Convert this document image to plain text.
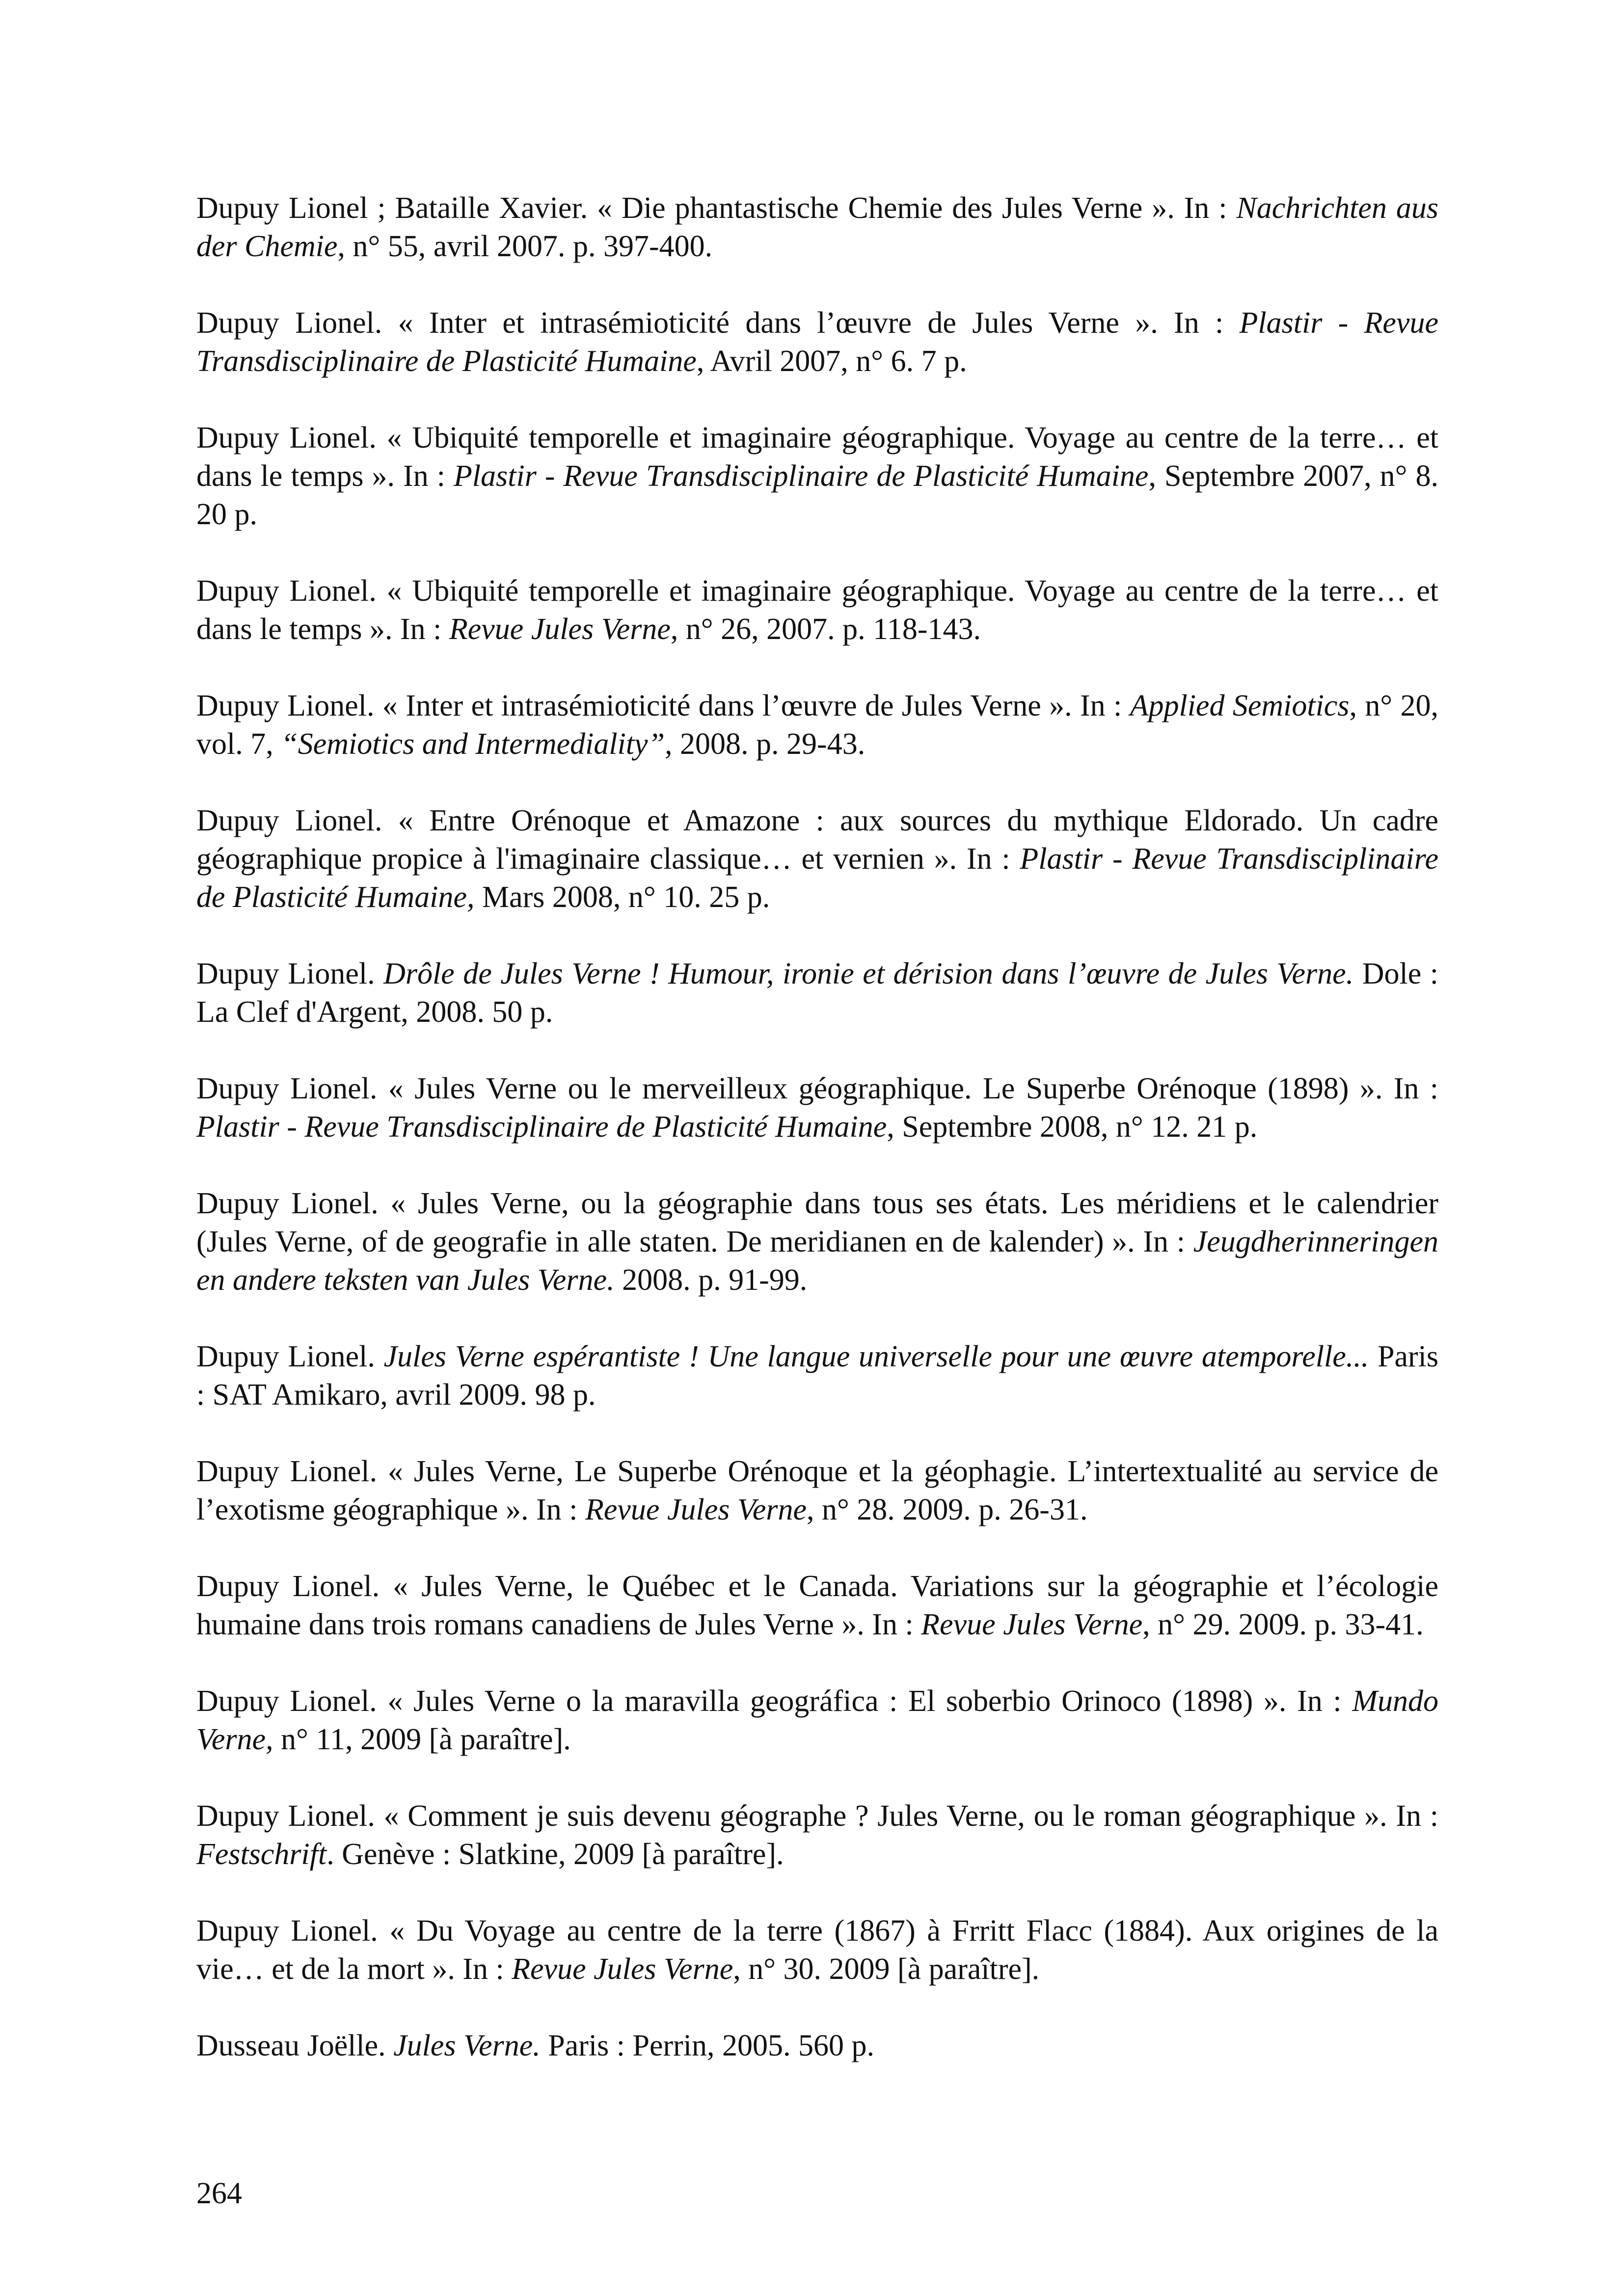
Dupuy Lionel ; Bataille Xavier. « Die phantastische Chemie des Jules Verne ». In : Nachrichten aus der Chemie, n° 55, avril 2007. p. 397-400.

Dupuy Lionel. « Inter et intrasémioticité dans l’œuvre de Jules Verne ». In : Plastir - Revue Transdisciplinaire de Plasticité Humaine, Avril 2007, n° 6. 7 p.

Dupuy Lionel. « Ubiquité temporelle et imaginaire géographique. Voyage au centre de la terre… et dans le temps ». In : Plastir - Revue Transdisciplinaire de Plasticité Humaine, Septembre 2007, n° 8. 20 p.

Dupuy Lionel. « Ubiquité temporelle et imaginaire géographique. Voyage au centre de la terre… et dans le temps ». In : Revue Jules Verne, n° 26, 2007. p. 118-143.

Dupuy Lionel. « Inter et intrasémioticité dans l’œuvre de Jules Verne ». In : Applied Semiotics, n° 20, vol. 7, “Semiotics and Intermediality”, 2008. p. 29-43.

Dupuy Lionel. « Entre Orénoque et Amazone : aux sources du mythique Eldorado. Un cadre géographique propice à l'imaginaire classique… et vernien ». In : Plastir - Revue Transdisciplinaire de Plasticité Humaine, Mars 2008, n° 10. 25 p.

Dupuy Lionel. Drôle de Jules Verne ! Humour, ironie et dérision dans l’œuvre de Jules Verne. Dole : La Clef d'Argent, 2008. 50 p.

Dupuy Lionel. « Jules Verne ou le merveilleux géographique. Le Superbe Orénoque (1898) ». In : Plastir - Revue Transdisciplinaire de Plasticité Humaine, Septembre 2008, n° 12. 21 p.

Dupuy Lionel. « Jules Verne, ou la géographie dans tous ses états. Les méridiens et le calendrier (Jules Verne, of de geografie in alle staten. De meridianen en de kalender) ». In : Jeugdherinneringen en andere teksten van Jules Verne. 2008. p. 91-99.

Dupuy Lionel. Jules Verne espérantiste ! Une langue universelle pour une œuvre atemporelle... Paris : SAT Amikaro, avril 2009. 98 p.

Dupuy Lionel. « Jules Verne, Le Superbe Orénoque et la géophagie. L’intertextualité au service de l’exotisme géographique ». In : Revue Jules Verne, n° 28. 2009. p. 26-31.

Dupuy Lionel. « Jules Verne, le Québec et le Canada. Variations sur la géographie et l’écologie humaine dans trois romans canadiens de Jules Verne ». In : Revue Jules Verne, n° 29. 2009. p. 33-41.

Dupuy Lionel. « Jules Verne o la maravilla geográfica : El soberbio Orinoco (1898) ». In : Mundo Verne, n° 11, 2009 [à paraître].

Dupuy Lionel. « Comment je suis devenu géographe ? Jules Verne, ou le roman géographique ». In : Festschrift. Genève : Slatkine, 2009 [à paraître].

Dupuy Lionel. « Du Voyage au centre de la terre (1867) à Frritt Flacc (1884). Aux origines de la vie… et de la mort ». In : Revue Jules Verne, n° 30. 2009 [à paraître].

Dusseau Joëlle. Jules Verne. Paris : Perrin, 2005. 560 p.

264
